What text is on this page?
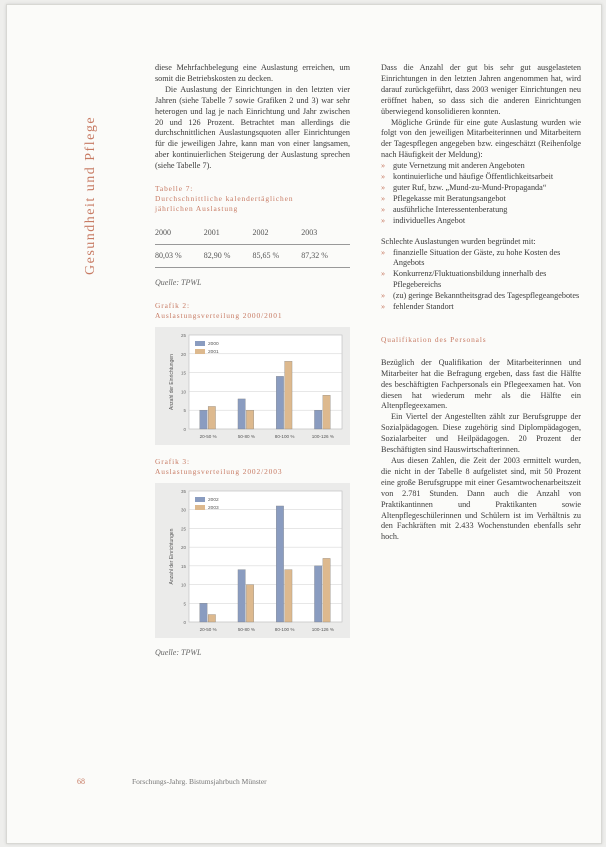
Gesundheit und Pflege

diese Mehrfachbelegung eine Auslastung erreichen, um somit die Betriebskosten zu decken.

Die Auslastung der Einrichtungen in den letzten vier Jahren (siehe Tabelle 7 sowie Grafiken 2 und 3) war sehr heterogen und lag je nach Einrichtung und Jahr zwischen 20 und 126 Prozent. Betrachtet man allerdings die durchschnittlichen Auslastungsquoten aller Einrichtungen für die jeweiligen Jahre, kann man von einer langsamen, aber kontinuierlichen Steigerung der Auslastung sprechen (siehe Tabelle 7).

Tabelle 7:
Durchschnittliche kalendertäglichen
jährlichen Auslastung
2000	2001	2002	2003
80,03 %	82,90 %	85,65 %	87,32 %
Quelle: TPWL
Grafik 2:
Auslastungsverteilung 2000/2001
0
5
10
15
20
25
Anzahl der Einrichtungen
20-50 %	50-80 %	80-100 %	100-126 %
2000
2001
Grafik 3:
Auslastungsverteilung 2002/2003
0
5
10
15
20
25
30
35
Anzahl der Einrichtungen
20-50 %	50-80 %	80-100 %	100-126 %
2002
2003
Quelle: TPWL

Dass die Anzahl der gut bis sehr gut ausgelasteten Einrichtungen in den letzten Jahren angenommen hat, wird darauf zurückgeführt, dass 2003 weniger Einrichtungen neu eröffnet haben, so dass sich die anderen Einrichtungen überwiegend konsolidieren konnten.

Mögliche Gründe für eine gute Auslastung wurden wie folgt von den jeweiligen Mitarbeiterinnen und Mitarbeitern der Tagespflegen angegeben bzw. eingeschätzt (Reihenfolge nach Häufigkeit der Meldung):

» gute Vernetzung mit anderen Angeboten
» kontinuierliche und häufige Öffentlichkeitsarbeit
» guter Ruf, bzw. „Mund-zu-Mund-Propaganda“
» Pflegekasse mit Beratungsangebot
» ausführliche Interessentenberatung
» individuelles Angebot

Schlechte Auslastungen wurden begründet mit:

» finanzielle Situation der Gäste, zu hohe Kosten des Angebots
» Konkurrenz/Fluktuationsbildung innerhalb des Pflegebereichs
» (zu) geringe Bekanntheitsgrad des Tagespflegeangebotes
» fehlender Standort
Qualifikation des Personals

Bezüglich der Qualifikation der Mitarbeiterinnen und Mitarbeiter hat die Befragung ergeben, dass fast die Hälfte des beschäftigten Fachpersonals ein Pflegeexamen hat. Von diesen hat wiederum mehr als die Hälfte ein Altenpflegeexamen.

Ein Viertel der Angestellten zählt zur Berufsgruppe der Sozialpädagogen. Diese zugehörig sind Diplompädagogen, Sozialarbeiter und Heilpädagogen. 20 Prozent der Beschäftigten sind Hauswirtschafterinnen.

Aus diesen Zahlen, die Zeit der 2003 ermittelt wurden, die nicht in der Tabelle 8 aufgelistet sind, mit 50 Prozent eine große Berufsgruppe mit einer Gesamtwochenarbeitszeit von 2.781 Stunden. Dann auch die Anzahl von Praktikantinnen und Praktikanten sowie Altenpflegeschülerinnen und Schülern ist im Verhältnis zu den Fachkräften mit 2.433 Wochenstunden ebenfalls sehr hoch.

68	Forschungs-Jahrg. Bistumsjahrbuch Münster
